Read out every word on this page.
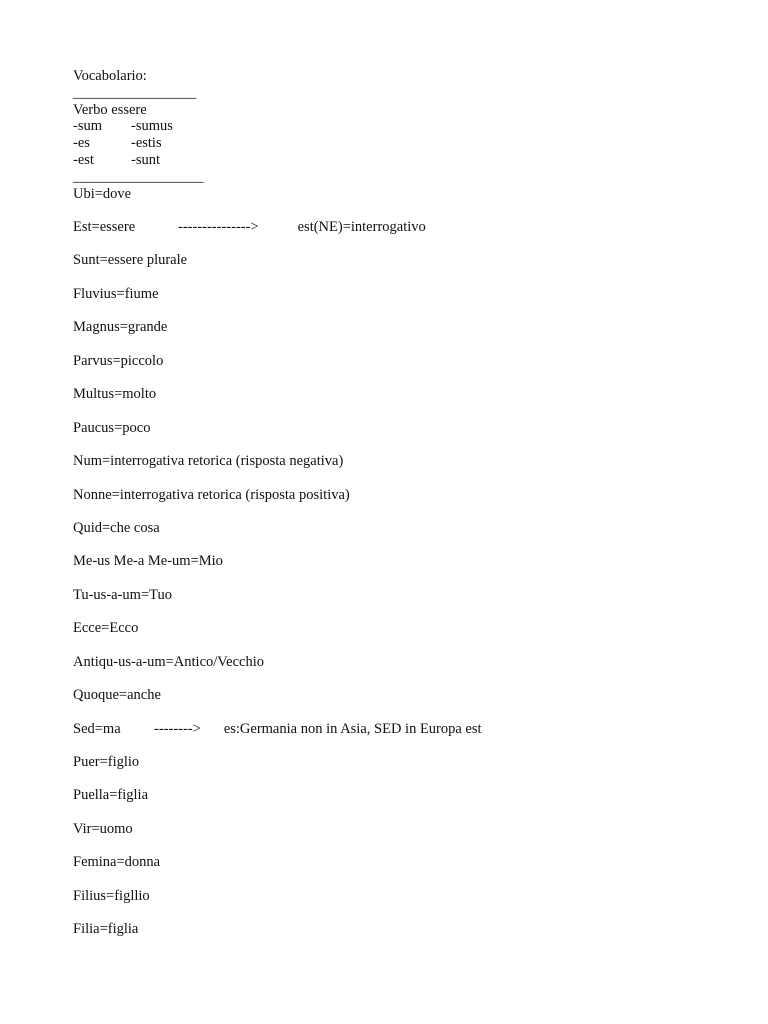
Vocabolario:
_________________
Verbo essere
-sum	-sumus
-es	-estis
-est	-sunt
__________________
Ubi=dove
Est=essere	--------------->	est(NE)=interrogativo
Sunt=essere plurale
Fluvius=fiume
Magnus=grande
Parvus=piccolo
Multus=molto
Paucus=poco
Num=interrogativa retorica (risposta negativa)
Nonne=interrogativa retorica (risposta positiva)
Quid=che cosa
Me-us Me-a Me-um=Mio
Tu-us-a-um=Tuo
Ecce=Ecco
Antiqu-us-a-um=Antico/Vecchio
Quoque=anche
Sed=ma --------> es:Germania non in Asia, SED in Europa est
Puer=figlio
Puella=figlia
Vir=uomo
Femina=donna
Filius=figllio
Filia=figlia
